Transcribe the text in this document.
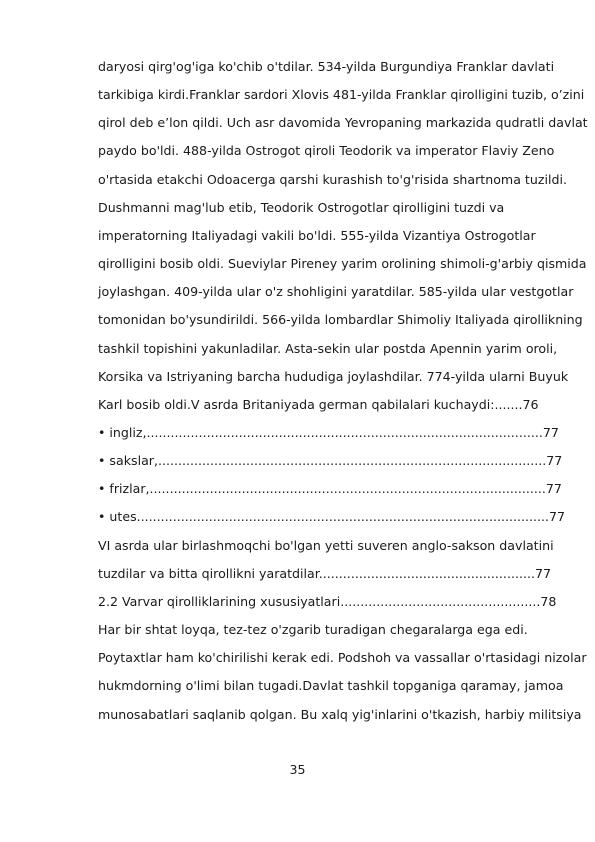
daryosi qirg'og'iga ko'chib o'tdilar. 534-yilda Burgundiya Franklar davlati
tarkibiga kirdi.Franklar sardori Xlovis 481-yilda Franklar qirolligini tuzib, o’zini
qirol deb e’lon qildi. Uch asr davomida Yevropaning markazida qudratli davlat
paydo bo'ldi. 488-yilda Ostrogot qiroli Teodorik va imperator Flaviy Zeno
o'rtasida etakchi Odoacerga qarshi kurashish to'g'risida shartnoma tuzildi.
Dushmanni mag'lub etib, Teodorik Ostrogotlar qirolligini tuzdi va
imperatorning Italiyadagi vakili bo'ldi. 555-yilda Vizantiya Ostrogotlar
qirolligini bosib oldi. Sueviylar Pireney yarim orolining shimoli-g'arbiy qismida
joylashgan. 409-yilda ular o'z shohligini yaratdilar. 585-yilda ular vestgotlar
tomonidan bo'ysundirildi. 566-yilda lombardlar Shimoliy Italiyada qirollikning
tashkil topishini yakunladilar. Asta-sekin ular postda Apennin yarim oroli,
Korsika va Istriyaning barcha hududiga joylashdilar. 774-yilda ularni Buyuk
Karl bosib oldi.V asrda Britaniyada german qabilalari kuchaydi:.......76
• ingliz,...................................................................................................77
• sakslar,.................................................................................................77
• frizlar,...................................................................................................77
• utes.......................................................................................................77
VI asrda ular birlashmoqchi bo'lgan yetti suveren anglo-sakson davlatini
tuzdilar va bitta qirollikni yaratdilar......................................................77
2.2 Varvar qirolliklarining xususiyatlari..................................................78
Har bir shtat loyqa, tez-tez o'zgarib turadigan chegaralarga ega edi.
Poytaxtlar ham ko'chirilishi kerak edi. Podshoh va vassallar o'rtasidagi nizolar
hukmdorning o'limi bilan tugadi.Davlat tashkil topganiga qaramay, jamoa
munosabatlari saqlanib qolgan. Bu xalq yig'inlarini o'tkazish, harbiy militsiya
35
